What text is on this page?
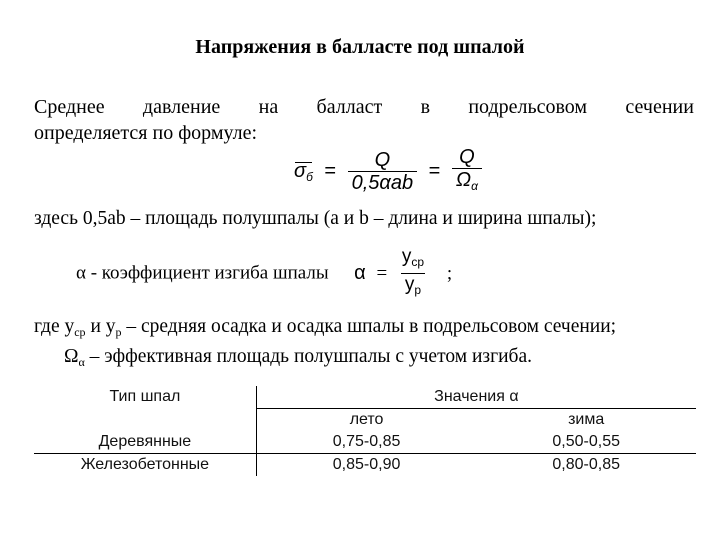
Напряжения в балласте под шпалой
Среднее давление на балласт в подрельсовом сечении
определяется по формуле:
$\sigma_б = \frac{Q}{\text{0,5αab}} = \frac{Q}{\Omega_\alpha}$
здесь 0,5ab – площадь полушпалы (a и b – длина и ширина шпалы);
α - коэффициент изгиба шпалы $\alpha = \frac{y_{ср}}{y_р}$ ;
где $y_{ср}$ и $y_р$ – средняя осадка и осадка шпалы в подрельсовом сечении;
$\Omega_\alpha$ – эффективная площадь полушпалы с учетом изгиба.
Тип шпал	Значения α	
	лето	зима
Деревянные	0,75-0,85	0,50-0,55
Железобетонные	0,85-0,90	0,80-0,85
